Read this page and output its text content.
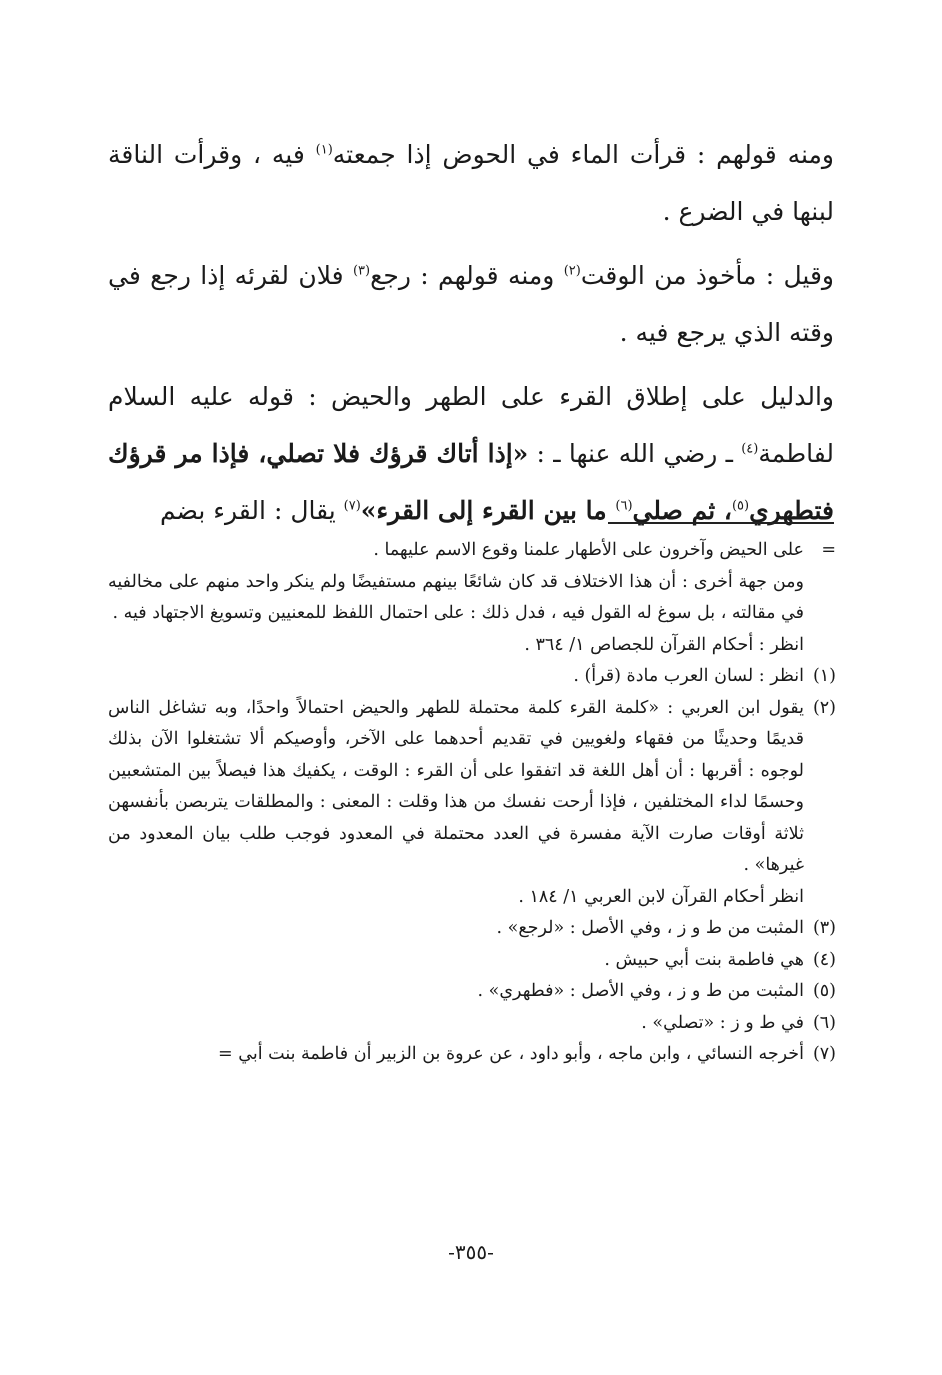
ومنه قولهم : قرأت الماء في الحوض إذا جمعته$^{(١)}$ فيه ، وقرأت الناقة لبنها في الضرع .

وقيل : مأخوذ من الوقت$^{(٢)}$ ومنه قولهم : رجع$^{(٣)}$ فلان لقرئه إذا رجع في وقته الذي يرجع فيه .

والدليل على إطلاق القرء على الطهر والحيض : قوله عليه السلام لفاطمة$^{(٤)}$ ـ رضي الله عنها ـ : «إذا أتاك قرؤك فلا تصلي، فإذا مر قرؤك فتطهري$^{(٥)}$، ثم صلي$^{(٦)}$ ما بين القرء إلى القرء»$^{(٧)}$ يقال : القرء بضم

=
على الحيض وآخرون على الأطهار علمنا وقوع الاسم عليهما .
ومن جهة أخرى : أن هذا الاختلاف قد كان شائعًا بينهم مستفيضًا ولم ينكر واحد منهم على مخالفيه في مقالته ، بل سوغ له القول فيه ، فدل ذلك : على احتمال اللفظ للمعنيين وتسويغ الاجتهاد فيه .
انظر : أحكام القرآن للجصاص ١/ ٣٦٤ .
(١)
انظر : لسان العرب مادة (قرأ) .
(٢)
يقول ابن العربي : «كلمة القرء كلمة محتملة للطهر والحيض احتمالاً واحدًا، وبه تشاغل الناس قديمًا وحديثًا من فقهاء ولغويين في تقديم أحدهما على الآخر، وأوصيكم ألا تشتغلوا الآن بذلك لوجوه : أقربها : أن أهل اللغة قد اتفقوا على أن القرء : الوقت ، يكفيك هذا فيصلاً بين المتشعبين وحسمًا لداء المختلفين ، فإذا أرحت نفسك من هذا وقلت : المعنى : والمطلقات يتربصن بأنفسهن ثلاثة أوقات صارت الآية مفسرة في العدد محتملة في المعدود فوجب طلب بيان المعدود من غيرها» .
انظر أحكام القرآن لابن العربي ١/ ١٨٤ .
(٣)
المثبت من ط و ز ، وفي الأصل : «لرجع» .
(٤)
هي فاطمة بنت أبي حبيش .
(٥)
المثبت من ط و ز ، وفي الأصل : «فطهري» .
(٦)
في ط و ز : «تصلي» .
(٧)
أخرجه النسائي ، وابن ماجه ، وأبو داود ، عن عروة بن الزبير أن فاطمة بنت أبي =
-٣٥٥-
